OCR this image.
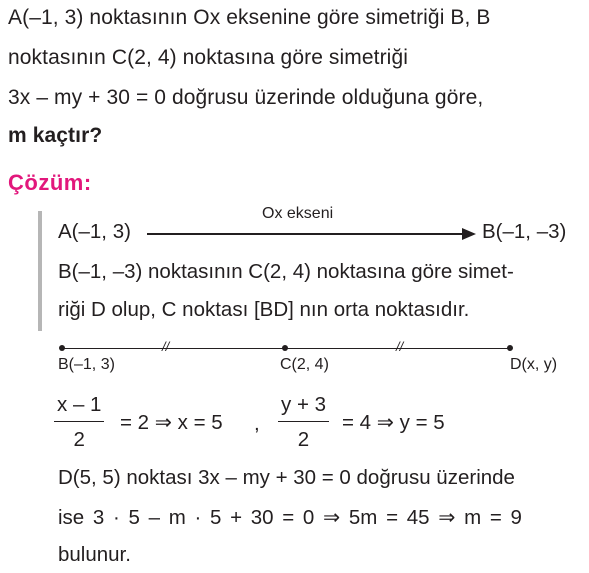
A(–1, 3) noktasının Ox eksenine göre simetriği B, B
noktasının C(2, 4) noktasına göre simetriği
3x – my + 30 = 0 doğrusu üzerinde olduğuna göre,
m kaçtır?
Çözüm:
A(–1, 3)
Ox ekseni
B(–1, –3)
B(–1, –3) noktasının C(2, 4) noktasına göre simet-
riği D olup, C noktası [BD] nın orta noktasıdır.
//	//
B(–1, 3)	C(2, 4)	D(x, y)
x – 1
2
= 2 ⇒ x = 5 ,
y + 3
2
= 4 ⇒ y = 5
D(5, 5) noktası 3x – my + 30 = 0 doğrusu üzerinde
ise 3 · 5 – m · 5 + 30 = 0 ⇒ 5m = 45 ⇒ m = 9
bulunur.
